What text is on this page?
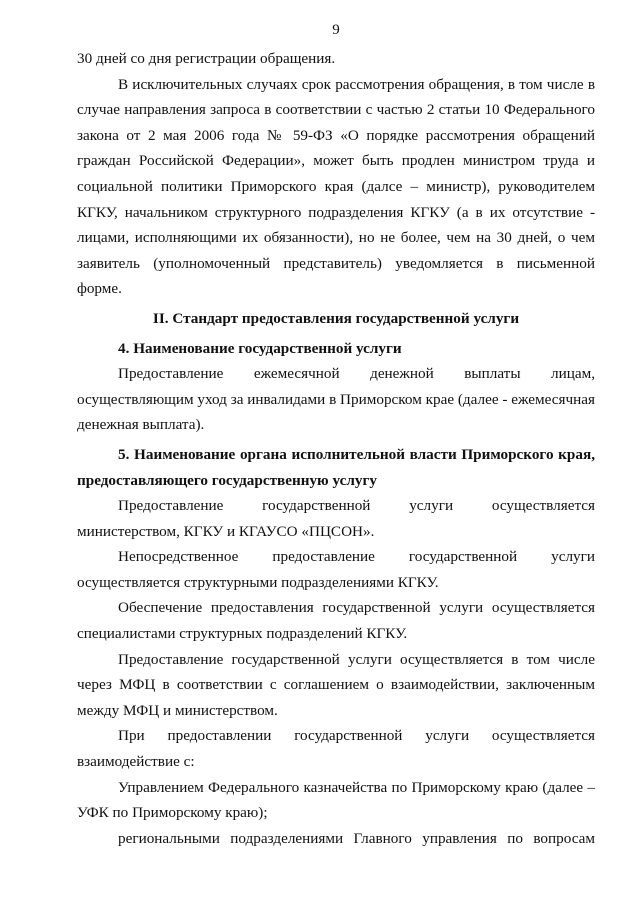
9

30 дней со дня регистрации обращения.

В исключительных случаях срок рассмотрения обращения, в том числе в случае направления запроса в соответствии с частью 2 статьи 10 Федерального закона от 2 мая 2006 года № 59-ФЗ «О порядке рассмотрения обращений граждан Российской Федерации», может быть продлен министром труда и социальной политики Приморского края (далсе – министр), руководителем КГКУ, начальником структурного подразделения КГКУ (а в их отсутствие - лицами, исполняющими их обязанности), но не более, чем на 30 дней, о чем заявитель (уполномоченный представитель) уведомляется в письменной форме.

II. Стандарт предоставления государственной услуги

4. Наименование государственной услуги

Предоставление ежемесячной денежной выплаты лицам,

осуществляющим уход за инвалидами в Приморском крае (далее - ежемесячная денежная выплата).

5. Наименование органа исполнительной власти Приморского края, предоставляющего государственную услугу

Предоставление государственной услуги осуществляется министерством, КГКУ и КГАУСО «ПЦСОН».

Непосредственное предоставление государственной услуги

осуществляется структурными подразделениями КГКУ.

Обеспечение предоставления государственной услуги осуществляется специалистами структурных подразделений КГКУ.

Предоставление государственной услуги осуществляется в том числе через МФЦ в соответствии с соглашением о взаимодействии, заключенным между МФЦ и министерством.

При предоставлении государственной услуги осуществляется

взаимодействие с:

Управлением Федерального казначейства по Приморскому краю (далее – УФК по Приморскому краю);

региональными подразделениями Главного управления по вопросам
